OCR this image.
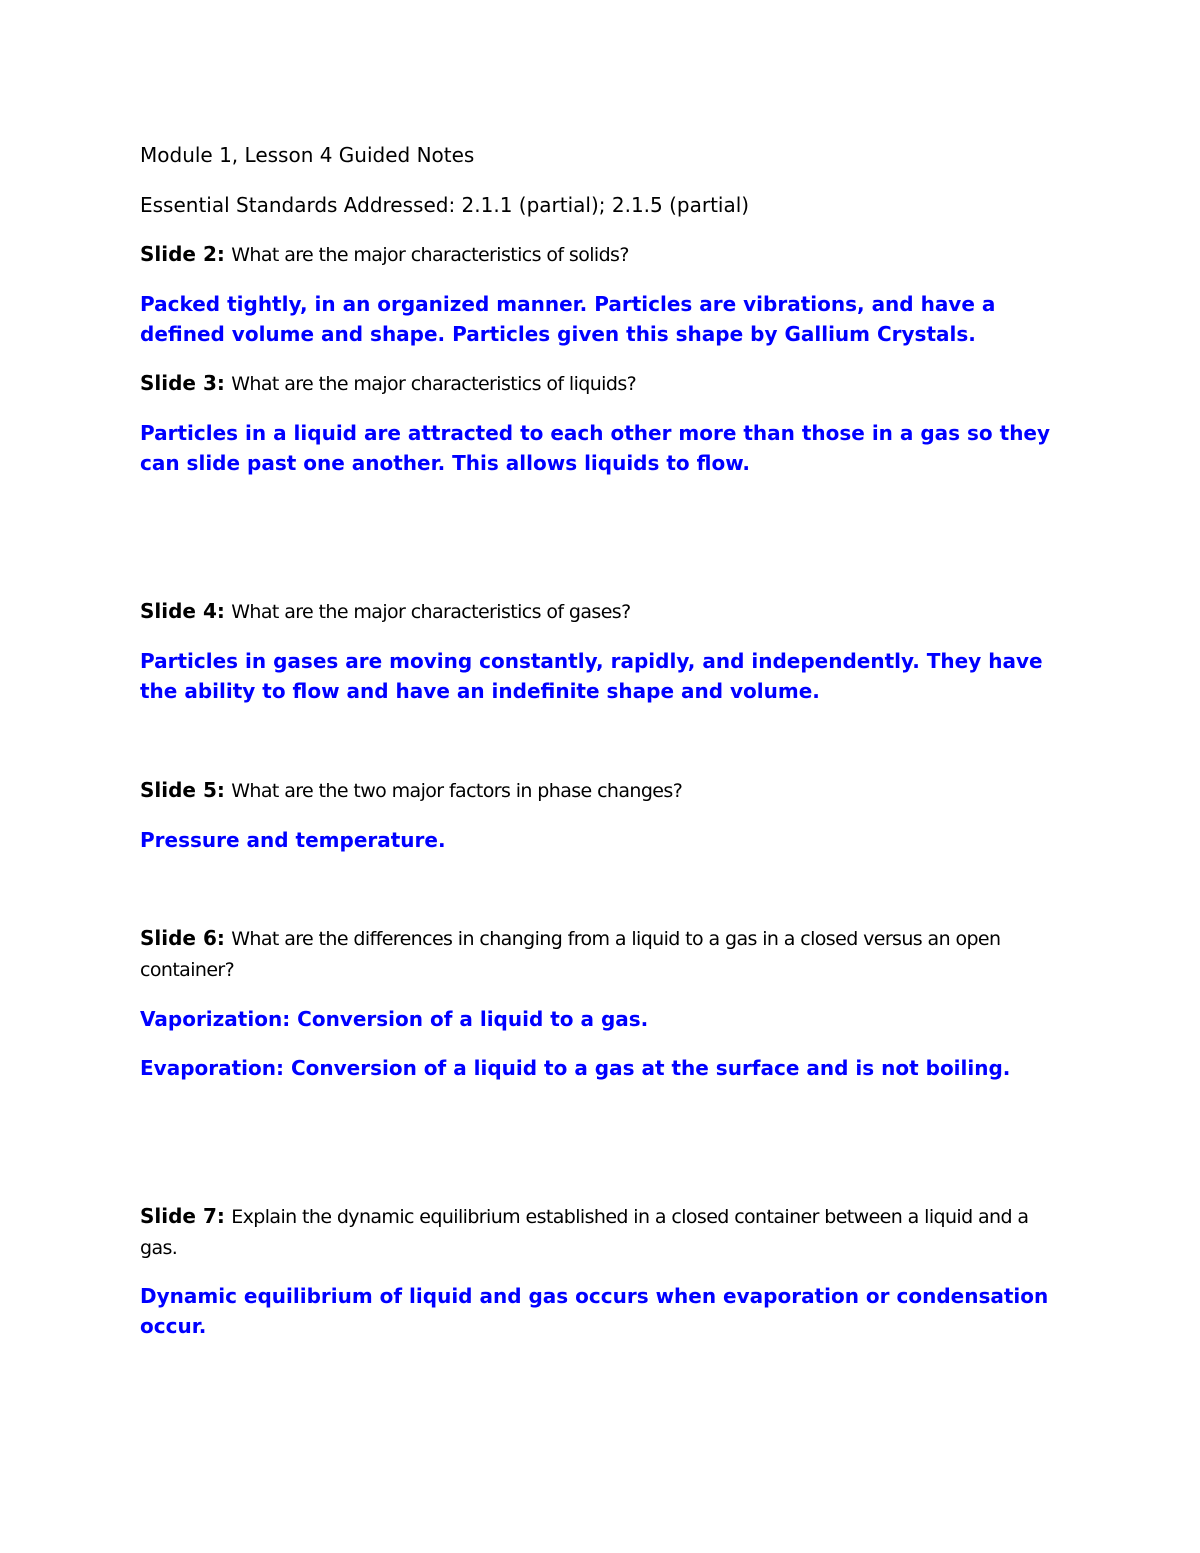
Module 1, Lesson 4 Guided Notes
Essential Standards Addressed: 2.1.1 (partial); 2.1.5 (partial)
Slide 2: What are the major characteristics of solids?
Packed tightly, in an organized manner. Particles are vibrations, and have a defined volume and shape. Particles given this shape by Gallium Crystals.
Slide 3: What are the major characteristics of liquids?
Particles in a liquid are attracted to each other more than those in a gas so they can slide past one another. This allows liquids to flow.
Slide 4: What are the major characteristics of gases?
Particles in gases are moving constantly, rapidly, and independently. They have the ability to flow and have an indefinite shape and volume.
Slide 5: What are the two major factors in phase changes?
Pressure and temperature.
Slide 6: What are the differences in changing from a liquid to a gas in a closed versus an open container?
Vaporization: Conversion of a liquid to a gas.
Evaporation: Conversion of a liquid to a gas at the surface and is not boiling.
Slide 7: Explain the dynamic equilibrium established in a closed container between a liquid and a gas.
Dynamic equilibrium of liquid and gas occurs when evaporation or condensation occur.
